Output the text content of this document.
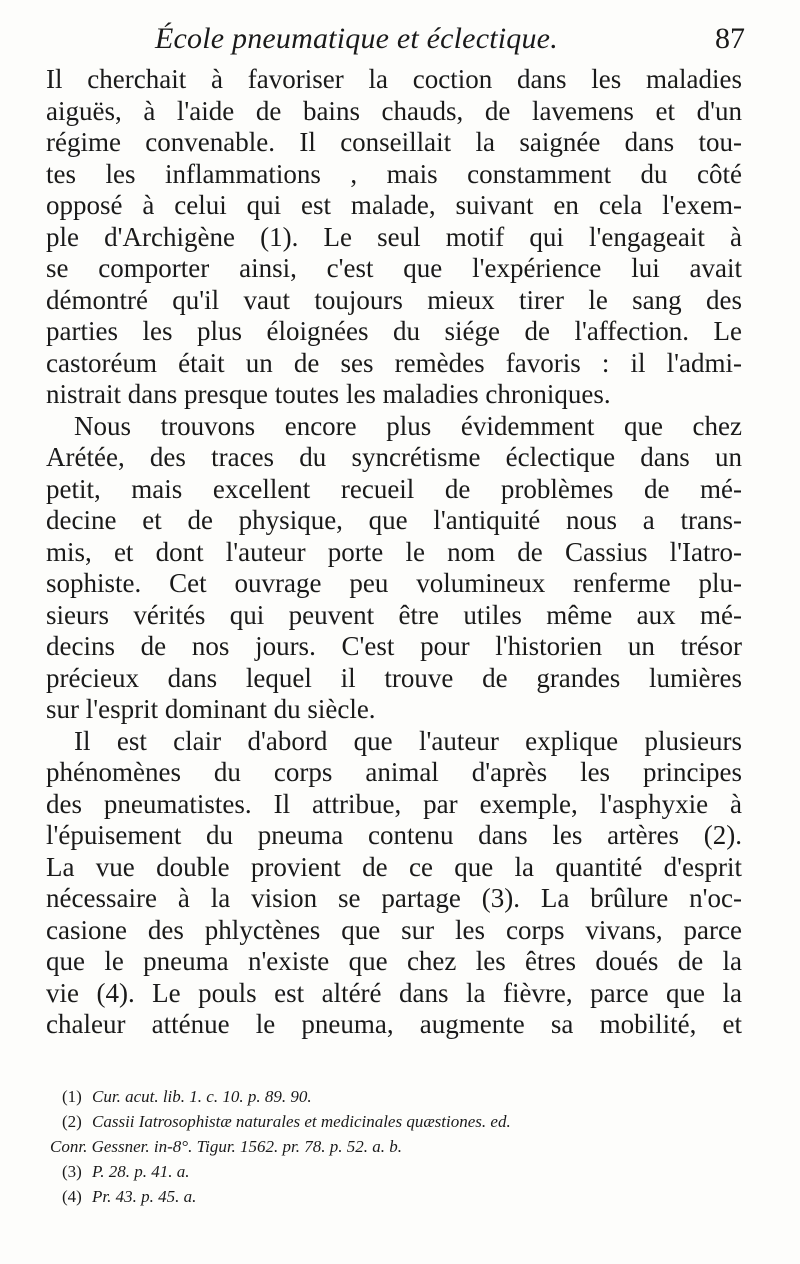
École pneumatique et éclectique.	87
Il cherchait à favoriser la coction dans les maladies
aiguës, à l'aide de bains chauds, de lavemens et d'un
régime convenable. Il conseillait la saignée dans tou-
tes les inflammations , mais constamment du côté
opposé à celui qui est malade, suivant en cela l'exem-
ple d'Archigène (1). Le seul motif qui l'engageait à
se comporter ainsi, c'est que l'expérience lui avait
démontré qu'il vaut toujours mieux tirer le sang des
parties les plus éloignées du siége de l'affection. Le
castoréum était un de ses remèdes favoris : il l'admi-
nistrait dans presque toutes les maladies chroniques.
Nous trouvons encore plus évidemment que chez
Arétée, des traces du syncrétisme éclectique dans un
petit, mais excellent recueil de problèmes de mé-
decine et de physique, que l'antiquité nous a trans-
mis, et dont l'auteur porte le nom de Cassius l'Iatro-
sophiste. Cet ouvrage peu volumineux renferme plu-
sieurs vérités qui peuvent être utiles même aux mé-
decins de nos jours. C'est pour l'historien un trésor
précieux dans lequel il trouve de grandes lumières
sur l'esprit dominant du siècle.
Il est clair d'abord que l'auteur explique plusieurs
phénomènes du corps animal d'après les principes
des pneumatistes. Il attribue, par exemple, l'asphyxie à
l'épuisement du pneuma contenu dans les artères (2).
La vue double provient de ce que la quantité d'esprit
nécessaire à la vision se partage (3). La brûlure n'oc-
casione des phlyctènes que sur les corps vivans, parce
que le pneuma n'existe que chez les êtres doués de la
vie (4). Le pouls est altéré dans la fièvre, parce que la
chaleur atténue le pneuma, augmente sa mobilité, et
(1) Cur. acut. lib. 1. c. 10. p. 89. 90.
(2) Cassii Iatrosophistæ naturales et medicinales quæstiones. ed.
Conr. Gessner. in-8°. Tigur. 1562. pr. 78. p. 52. a. b.
(3) P. 28. p. 41. a.
(4) Pr. 43. p. 45. a.
